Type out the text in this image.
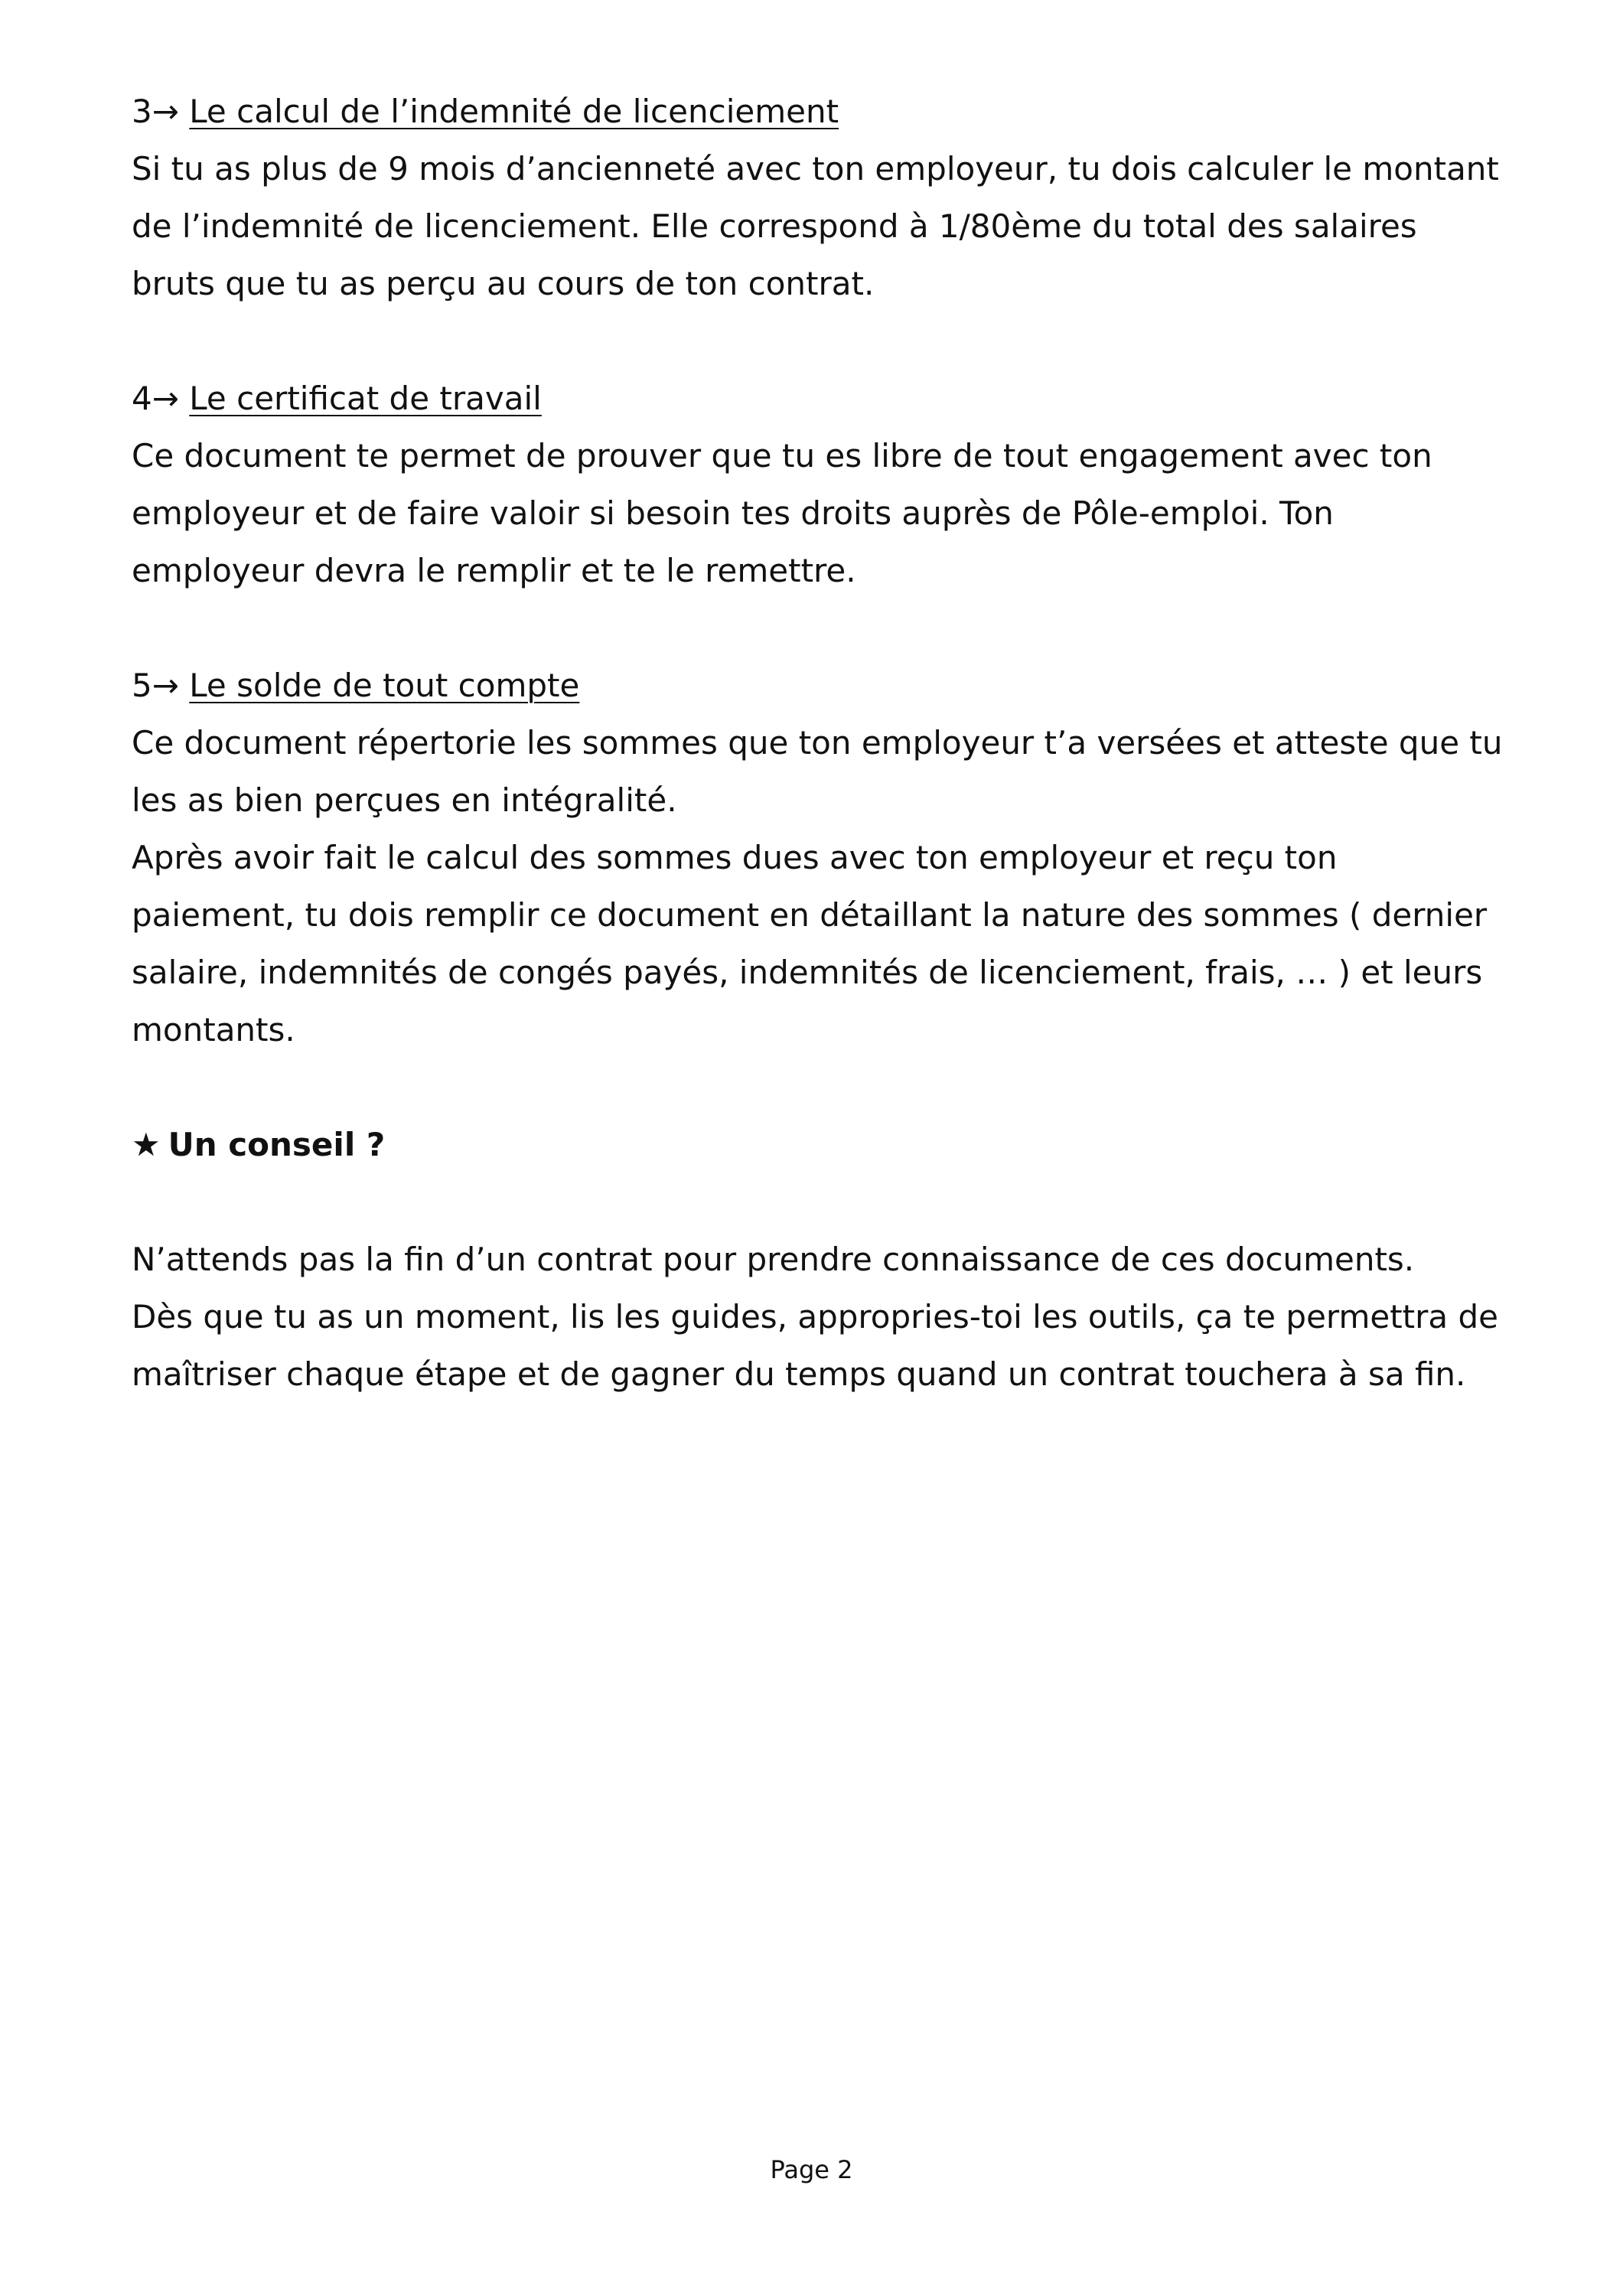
3→ Le calcul de l’indemnité de licenciement

Si tu as plus de 9 mois d’ancienneté avec ton employeur, tu dois calculer le montant de l’indemnité de licenciement. Elle correspond à 1/80ème du total des salaires bruts que tu as perçu au cours de ton contrat.

4→ Le certificat de travail

Ce document te permet de prouver que tu es libre de tout engagement avec ton employeur et de faire valoir si besoin tes droits auprès de Pôle-emploi. Ton employeur devra le remplir et te le remettre.

5→ Le solde de tout compte

Ce document répertorie les sommes que ton employeur t’a versées et atteste que tu les as bien perçues en intégralité.

Après avoir fait le calcul des sommes dues avec ton employeur et reçu ton paiement, tu dois remplir ce document en détaillant la nature des sommes ( dernier salaire, indemnités de congés payés, indemnités de licenciement, frais, … ) et leurs montants.

★ Un conseil ?

N’attends pas la fin d’un contrat pour prendre connaissance de ces documents.

Dès que tu as un moment, lis les guides, appropries-toi les outils, ça te permettra de maîtriser chaque étape et de gagner du temps quand un contrat touchera à sa fin.

Page 2
